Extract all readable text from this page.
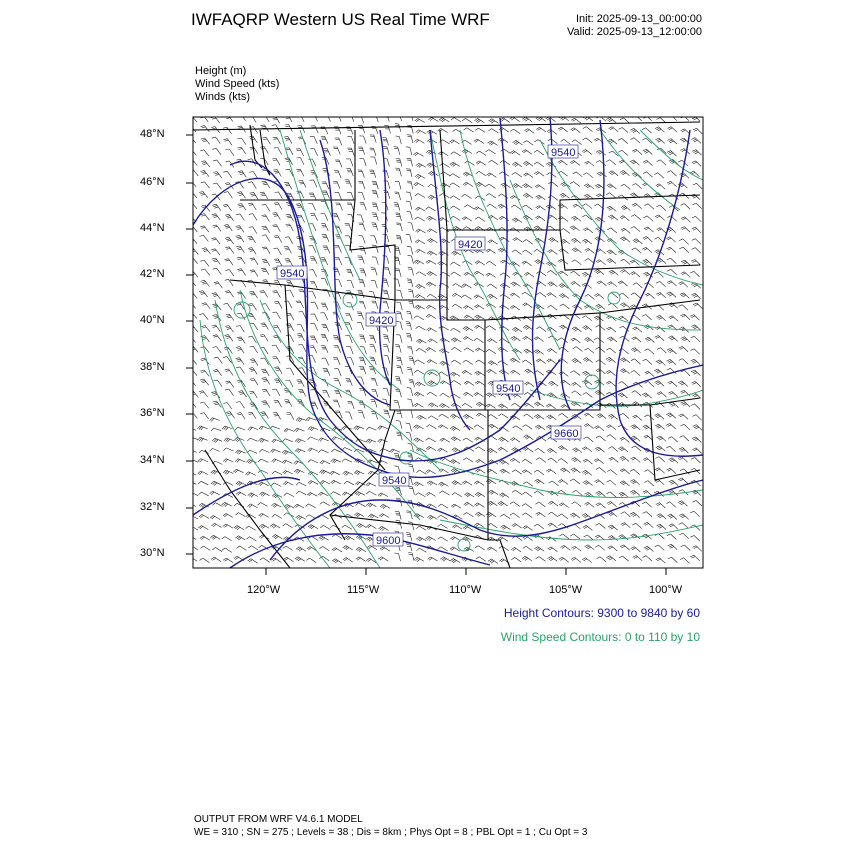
9540
9420
9540
9420
9540
9660
9540
9600
IWFAQRP Western US Real Time WRF	Init: 2025-09-13_00:00:00
Valid: 2025-09-13_12:00:00
Height (m)
Wind Speed (kts)
Winds (kts)
48°N
46°N
44°N
42°N
40°N
38°N
36°N
34°N
32°N
30°N
120°W	115°W	110°W	105°W	100°W
Height Contours: 9300 to 9840 by 60
Wind Speed Contours: 0 to 110 by 10
OUTPUT FROM WRF V4.6.1 MODEL
WE = 310 ; SN = 275 ; Levels = 38 ; Dis = 8km ; Phys Opt = 8 ; PBL Opt = 1 ; Cu Opt = 3
